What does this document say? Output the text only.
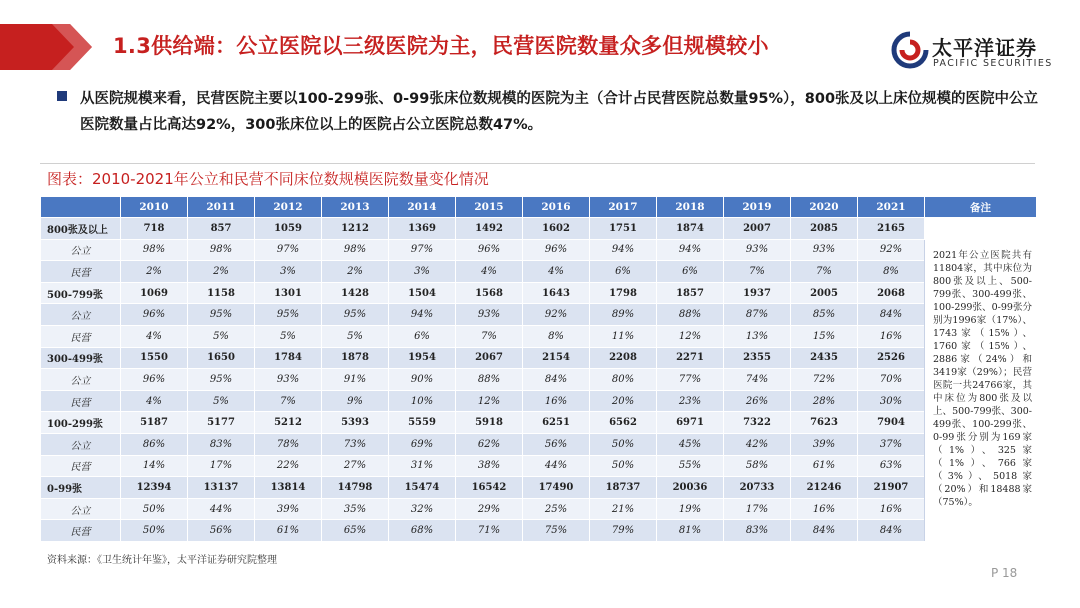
1.3供给端：公立医院以三级医院为主，民营医院数量众多但规模较小	太平洋证券
PACIFIC SECURITIES
从医院规模来看，民营医院主要以100-299张、0-99张床位数规模的医院为主（合计占民营医院总数量95%），800张及以上床位规模的医院中公立医院数量占比高达92%，300张床位以上的医院占公立医院总数47%。
图表：2010-2021年公立和民营不同床位数规模医院数量变化情况
	2010	2011	2012	2013	2014	2015	2016	2017	2018	2019	2020	2021	备注
800张及以上	718	857	1059	1212	1369	1492	1602	1751	1874	2007	2085	2165	2021年公立医院共有11804家，其中床位为800张及以上、500-799张、300-499张、100-299张、0-99张分别为1996家（17%）、1743家（15%）、1760家（15%）、2886家（24%）和3419家（29%）；民营医院一共24766家，其中床位为800张及以上、500-799张、300-499张、100-299张、0-99张分别为169家（1%）、325家（1%）、766家（3%）、5018家（20%）和18488家（75%）。
公立	98%	98%	97%	98%	97%	96%	96%	94%	94%	93%	93%	92%	
民营	2%	2%	3%	2%	3%	4%	4%	6%	6%	7%	7%	8%	
500-799张	1069	1158	1301	1428	1504	1568	1643	1798	1857	1937	2005	2068	
公立	96%	95%	95%	95%	94%	93%	92%	89%	88%	87%	85%	84%	
民营	4%	5%	5%	5%	6%	7%	8%	11%	12%	13%	15%	16%	
300-499张	1550	1650	1784	1878	1954	2067	2154	2208	2271	2355	2435	2526	
公立	96%	95%	93%	91%	90%	88%	84%	80%	77%	74%	72%	70%	
民营	4%	5%	7%	9%	10%	12%	16%	20%	23%	26%	28%	30%	
100-299张	5187	5177	5212	5393	5559	5918	6251	6562	6971	7322	7623	7904	
公立	86%	83%	78%	73%	69%	62%	56%	50%	45%	42%	39%	37%	
民营	14%	17%	22%	27%	31%	38%	44%	50%	55%	58%	61%	63%	
0-99张	12394	13137	13814	14798	15474	16542	17490	18737	20036	20733	21246	21907	
公立	50%	44%	39%	35%	32%	29%	25%	21%	19%	17%	16%	16%	
民营	50%	56%	61%	65%	68%	71%	75%	79%	81%	83%	84%	84%	
资料来源：《卫生统计年鉴》，太平洋证券研究院整理
P 18
